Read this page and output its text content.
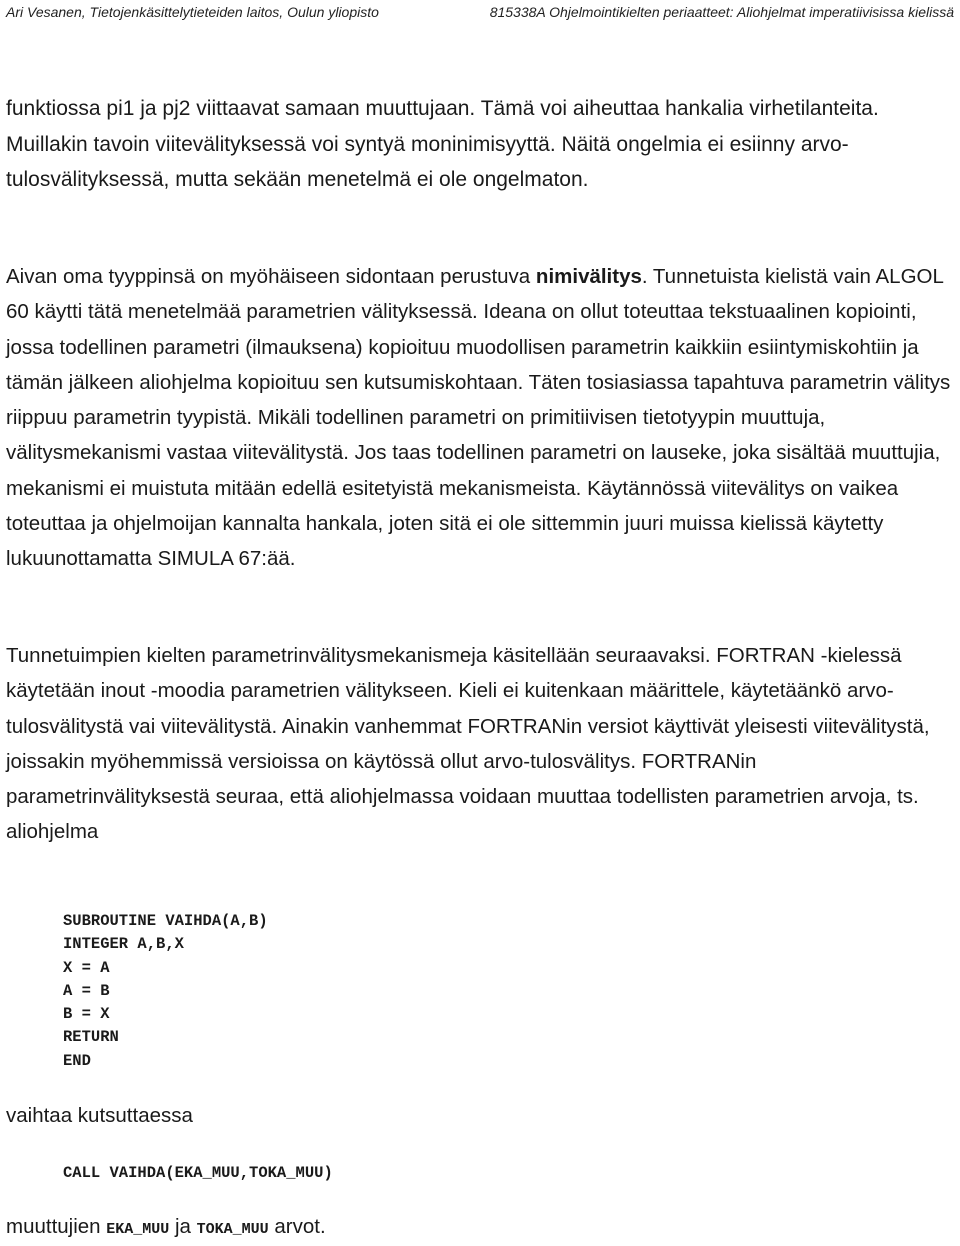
Ari Vesanen, Tietojenkäsittelytieteiden laitos, Oulun yliopisto	815338A Ohjelmointikielten periaatteet: Aliohjelmat imperatiivisissa kielissä

funktiossa pi1 ja pj2 viittaavat samaan muuttujaan. Tämä voi aiheuttaa hankalia virhetilanteita. Muillakin tavoin viitevälityksessä voi syntyä moninimisyyttä. Näitä ongelmia ei esiinny arvo-tulosvälityksessä, mutta sekään menetelmä ei ole ongelmaton.

Aivan oma tyyppinsä on myöhäiseen sidontaan perustuva nimivälitys. Tunnetuista kielistä vain ALGOL 60 käytti tätä menetelmää parametrien välityksessä. Ideana on ollut toteuttaa tekstuaalinen kopiointi, jossa todellinen parametri (ilmauksena) kopioituu muodollisen parametrin kaikkiin esiintymiskohtiin ja tämän jälkeen aliohjelma kopioituu sen kutsumiskohtaan. Täten tosiasiassa tapahtuva parametrin välitys riippuu parametrin tyypistä. Mikäli todellinen parametri on primitiivisen tietotyypin muuttuja, välitysmekanismi vastaa viitevälitystä. Jos taas todellinen parametri on lauseke, joka sisältää muuttujia, mekanismi ei muistuta mitään edellä esitetyistä mekanismeista. Käytännössä viitevälitys on vaikea toteuttaa ja ohjelmoijan kannalta hankala, joten sitä ei ole sittemmin juuri muissa kielissä käytetty lukuunottamatta SIMULA 67:ää.

Tunnetuimpien kielten parametrinvälitysmekanismeja käsitellään seuraavaksi. FORTRAN -kielessä käytetään inout -moodia parametrien välitykseen. Kieli ei kuitenkaan määrittele, käytetäänkö arvo-tulosvälitystä vai viitevälitystä. Ainakin vanhemmat FORTRANin versiot käyttivät yleisesti viitevälitystä, joissakin myöhemmissä versioissa on käytössä ollut arvo-tulosvälitys. FORTRANin parametrinvälityksestä seuraa, että aliohjelmassa voidaan muuttaa todellisten parametrien arvoja, ts. aliohjelma

SUBROUTINE VAIHDA(A,B)
INTEGER A,B,X
X = A
A = B
B = X
RETURN
END

vaihtaa kutsuttaessa

CALL VAIHDA(EKA_MUU,TOKA_MUU)

muuttujien EKA_MUU ja TOKA_MUU arvot.
